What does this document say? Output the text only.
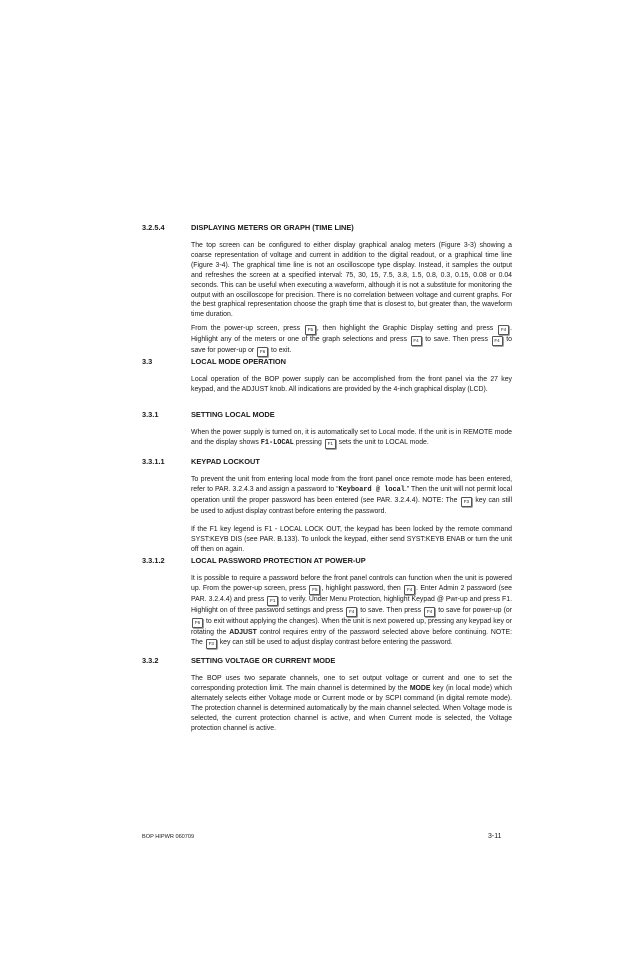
3.2.5.4	DISPLAYING METERS OR GRAPH (TIME LINE)

The top screen can be configured to either display graphical analog meters (Figure 3-3) showing a coarse representation of voltage and current in addition to the digital readout, or a graphical time line (Figure 3-4). The graphical time line is not an oscilloscope type display. Instead, it samples the output and refreshes the screen at a specified interval: 75, 30, 15, 7.5, 3.8, 1.5, 0.8, 0.3, 0.15, 0.08 or 0.04 seconds. This can be useful when executing a waveform, although it is not a substitute for monitoring the output with an oscilloscope for precision. There is no correlation between voltage and current graphs. For the best graphical representation choose the graph time that is closest to, but greater than, the waveform time duration.

From the power-up screen, press F5 , then highlight the Graphic Display setting and press F4 . Highlight any of the meters or one of the graph selections and press F4 to save. Then press F4 to save for power-up or F6 to exit.

3.3	LOCAL MODE OPERATION

Local operation of the BOP power supply can be accomplished from the front panel via the 27 key keypad, and the ADJUST knob. All indications are provided by the 4-inch graphical display (LCD).

3.3.1	SETTING LOCAL MODE

When the power supply is turned on, it is automatically set to Local mode. If the unit is in REMOTE mode and the display shows F1-LOCAL pressing F1 sets the unit to LOCAL mode.

3.3.1.1	KEYPAD LOCKOUT

To prevent the unit from entering local mode from the front panel once remote mode has been entered, refer to PAR. 3.2.4.3 and assign a password to “Keyboard @ local.” Then the unit will not permit local operation until the proper password has been entered (see PAR. 3.2.4.4). NOTE: The F3 key can still be used to adjust display contrast before entering the password.

If the F1 key legend is F1 - LOCAL LOCK OUT, the keypad has been locked by the remote command SYST:KEYB DIS (see PAR. B.133). To unlock the keypad, either send SYST:KEYB ENAB or turn the unit off then on again.

3.3.1.2	LOCAL PASSWORD PROTECTION AT POWER-UP

It is possible to require a password before the front panel controls can function when the unit is powered up. From the power-up screen, press F5 , highlight password, then F4 . Enter Admin 2 password (see PAR. 3.2.4.4) and press F1 to verify. Under Menu Protection, highlight Keypad @ Pwr-up and press F1. Highlight on of three password settings and press F4 to save. Then press F4 to save for power-up (or F6 to exit without applying the changes). When the unit is next powered up, pressing any keypad key or rotating the ADJUST control requires entry of the password selected above before continuing. NOTE: The F3 key can still be used to adjust display contrast before entering the password.

3.3.2	SETTING VOLTAGE OR CURRENT MODE

The BOP uses two separate channels, one to set output voltage or current and one to set the corresponding protection limit. The main channel is determined by the MODE key (in local mode) which alternately selects either Voltage mode or Current mode or by SCPI command (in digital remote mode). The protection channel is determined automatically by the main channel selected. When Voltage mode is selected, the current protection channel is active, and when Current mode is selected, the Voltage protection channel is active.

BOP HIPWR 060709	3-11
